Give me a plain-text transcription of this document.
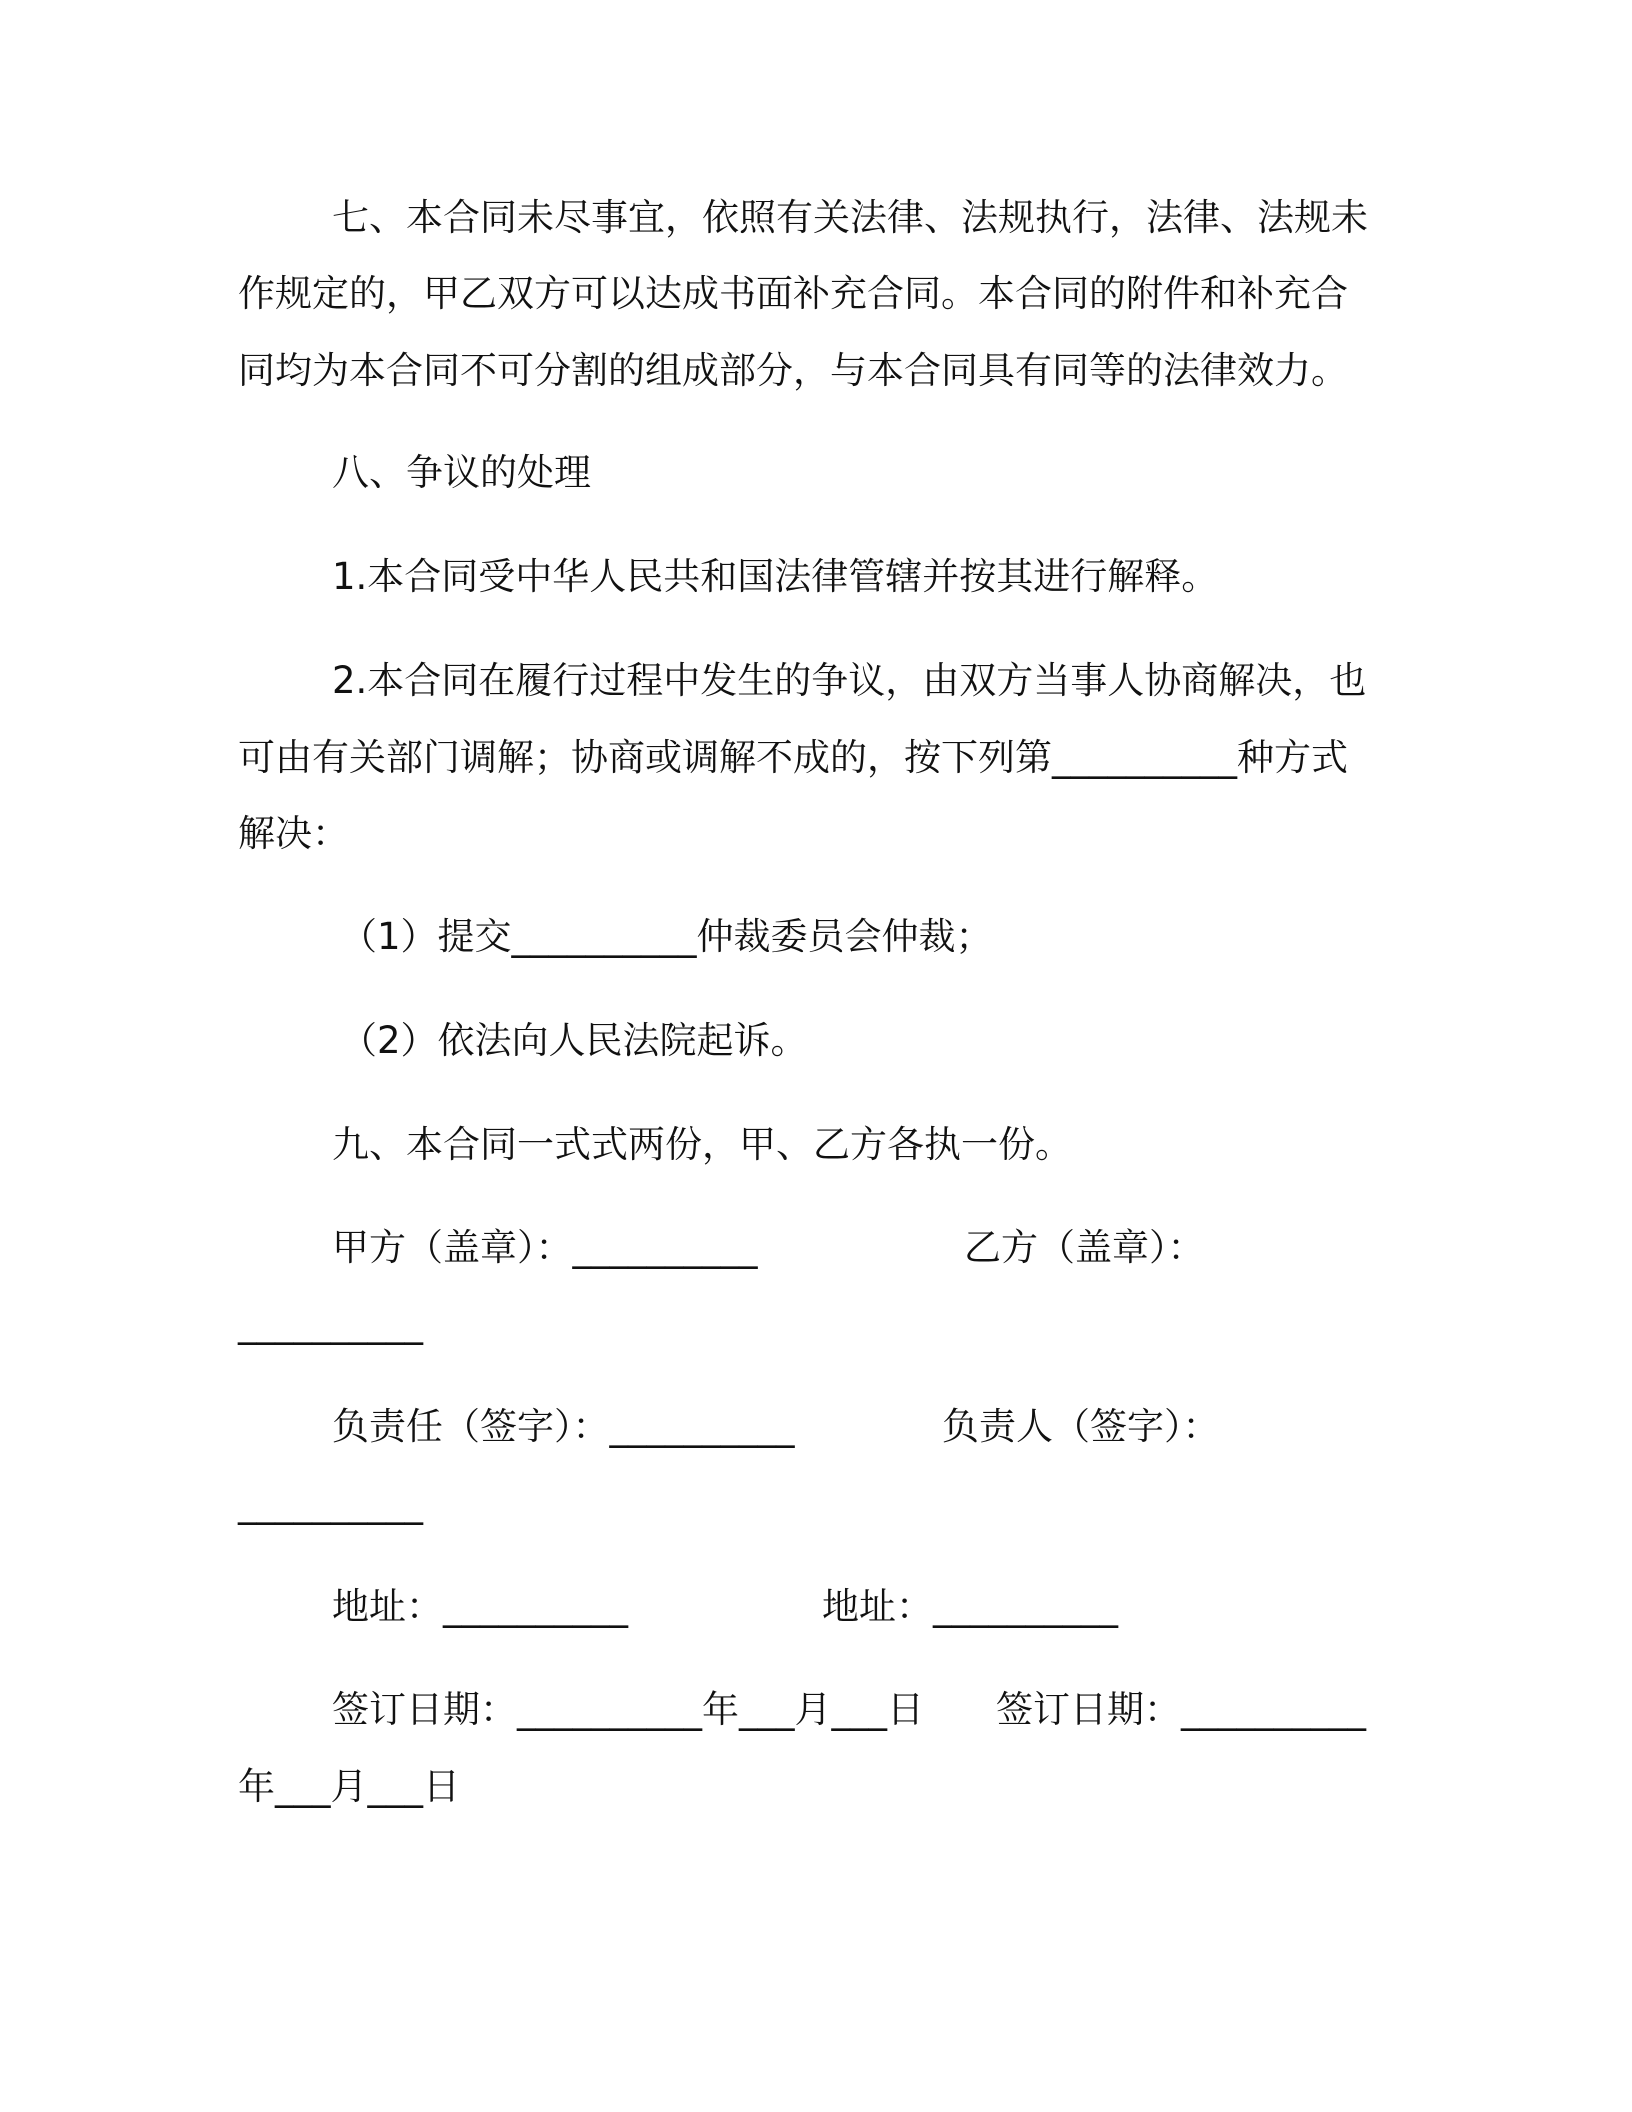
七、本合同未尽事宜，依照有关法律、法规执行，法律、法规未
作规定的，甲乙双方可以达成书面补充合同。本合同的附件和补充合
同均为本合同不可分割的组成部分，与本合同具有同等的法律效力。
八、争议的处理
1.本合同受中华人民共和国法律管辖并按其进行解释。
2.本合同在履行过程中发生的争议，由双方当事人协商解决，也
可由有关部门调解；协商或调解不成的，按下列第__________种方式
解决：
（1）提交__________仲裁委员会仲裁；
（2）依法向人民法院起诉。
九、本合同一式式两份，甲、乙方各执一份。
甲方（盖章）：__________	乙方（盖章）：
__________
负责任（签字）：__________	负责人（签字）：
__________
地址：__________	地址：__________
签订日期：__________年___月___日 签订日期：__________
年___月___日
